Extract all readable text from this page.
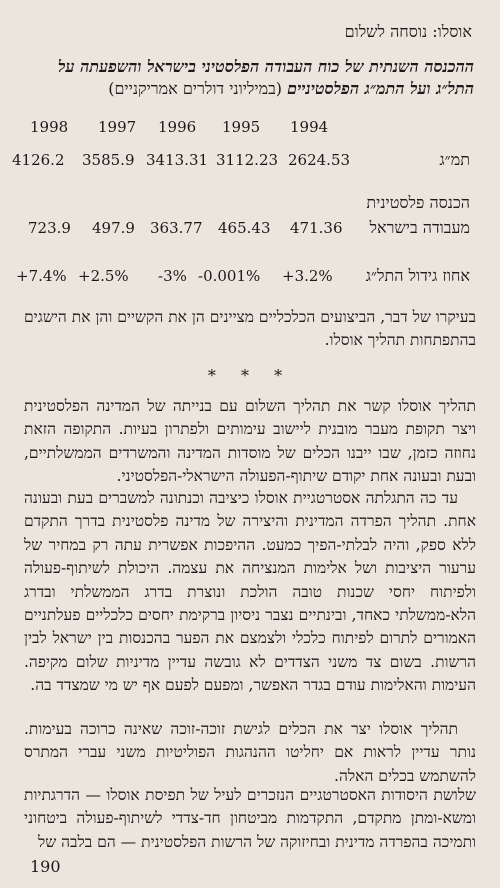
אוסלו: נוסחה לשלום
ההכנסה השנתית של כוח העבודה הפלסטיני בישראל והשפעתה על התל״ג ועל התמ״ג הפלסטיניים (במיליוני דולרים אמריקניים)
1998 1997 1996 1995 1994
תמ״ג
4126.2 3585.9 3413.31 3112.23 2624.53
הכנסה פלסטינית
מעבודה בישראל
723.9 497.9 363.77 465.43 471.36
אחוז גידול התל״ג
+7.4% +2.5% -3% -0.001% +3.2%
בעיקרו של דבר, הביצועים הכלכליים מציינים הן את הקשיים והן את הישגים בהתפתחות תהליך אוסלו.
* * *
תהליך אוסלו קשר את תהליך השלום עם בנייתה של המדינה הפלסטינית ויצר תקופת מעבר מובנית ליישוב עימותים ולפתרון בעיות. התקופה הזאת נחוזה כזמן, שבו ייבנו הכלים של מוסדות המדינה והמשרדים הממשלתיים, ובעת ובעונה אחת יקודם שיתוף-הפעולה הישראלי-הפלסטיני.
עד כה התגלתה אסטרטגיית אוסלו כיציבה וכנתונה למשברים בעת ובעונה אחת. תהליך הפרדה המדינית והיצירה של מדינה פלסטינית בדרך התקדם ללא ספק, והיה לבלתי-הפיך כמעט. ההיפכות אפשרית עתה רק במחיר של ערעור היציבות ושל אלימות המנציחה את עצמה. היכולת לשיתוף-פעולה ולפיתוח יחסי שכנות טובה הולכת ונוצרת בדרג הממשלתי ובדרג הלא-ממשלתי כאחד, ובינתיים נצבר ניסיון ברקימת יחסים כלכליים פעלתניים האמורים לתרום לפיתוח כלכלי ולצמצם את הפער בהכנסות בין ישראל לבין הרשות. בשום צד משני הצדדים לא גובשה עדיין מדיניות שלום מקיפה. העימות והאלימות עודם בגדר האפשר, ומפעם לפעם אף יש מי שמצדד בה.
תהליך אוסלו יצר את הכלים לגישת זוכה-זוכה שאינה כרוכה בעימות. נותר עדיין לראות אם יחליטו ההנהגות הפוליטיות משני עברי המתרס להשתמש בכלים האלה.
שלושת היסודות האסטרטגיים הנזכרים לעיל של תפיסת אוסלו — הדרגתיות ומשא-ומתן מתקדם, התקדמות מביטחון חד-צדדי לשיתוף-פעולה ביטחוני ותמיכה בהפרדה מדינית ובחיזוקה של הרשות הפלסטינית — הם בלבה של
190
